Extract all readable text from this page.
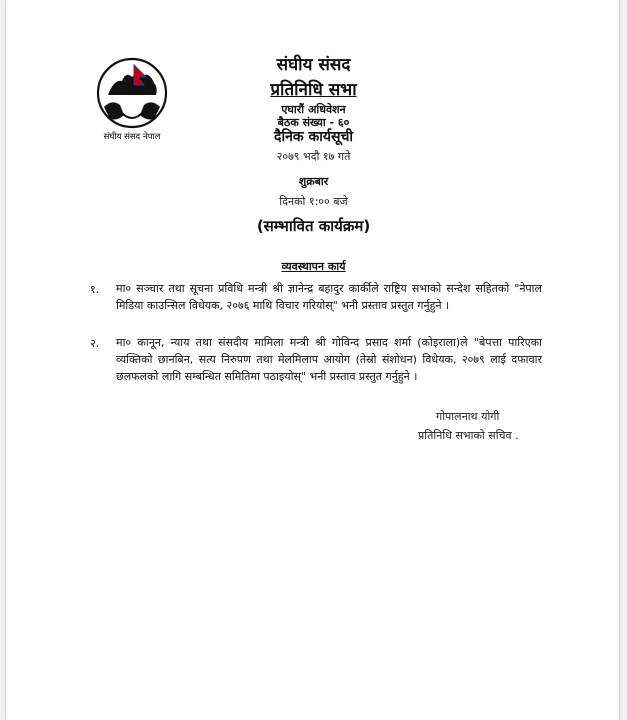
संघीय संसद नेपाल
संघीय संसद
प्रतिनिधि सभा
एघारौं अधिवेशन
बैठक संख्या - ६०
दैनिक कार्यसूची
२०७९ भदौ १७ गते
शुक्रबार
दिनको १:०० बजे
(सम्भावित कार्यक्रम)
व्यवस्थापन कार्य
१. मा० सञ्चार तथा सूचना प्रविधि मन्त्री श्री ज्ञानेन्द्र बहादुर कार्कीले राष्ट्रिय सभाको सन्देश सहितको "नेपाल मिडिया काउन्सिल विधेयक, २०७६ माथि विचार गरियोस्" भनी प्रस्ताव प्रस्तुत गर्नुहुने ।
२. मा० कानून, न्याय तथा संसदीय मामिला मन्त्री श्री गोविन्द प्रसाद शर्मा (कोइराला)ले "बेपत्ता पारिएका व्यक्तिको छानबिन, सत्य निरुपण तथा मेलमिलाप आयोग (तेस्रो संशोधन) विधेयक, २०७९ लाई दफावार छलफलको लागि सम्बन्धित समितिमा पठाइयोस्" भनी प्रस्ताव प्रस्तुत गर्नुहुने ।
गोपालनाथ योगी
प्रतिनिधि सभाको सचिव .
